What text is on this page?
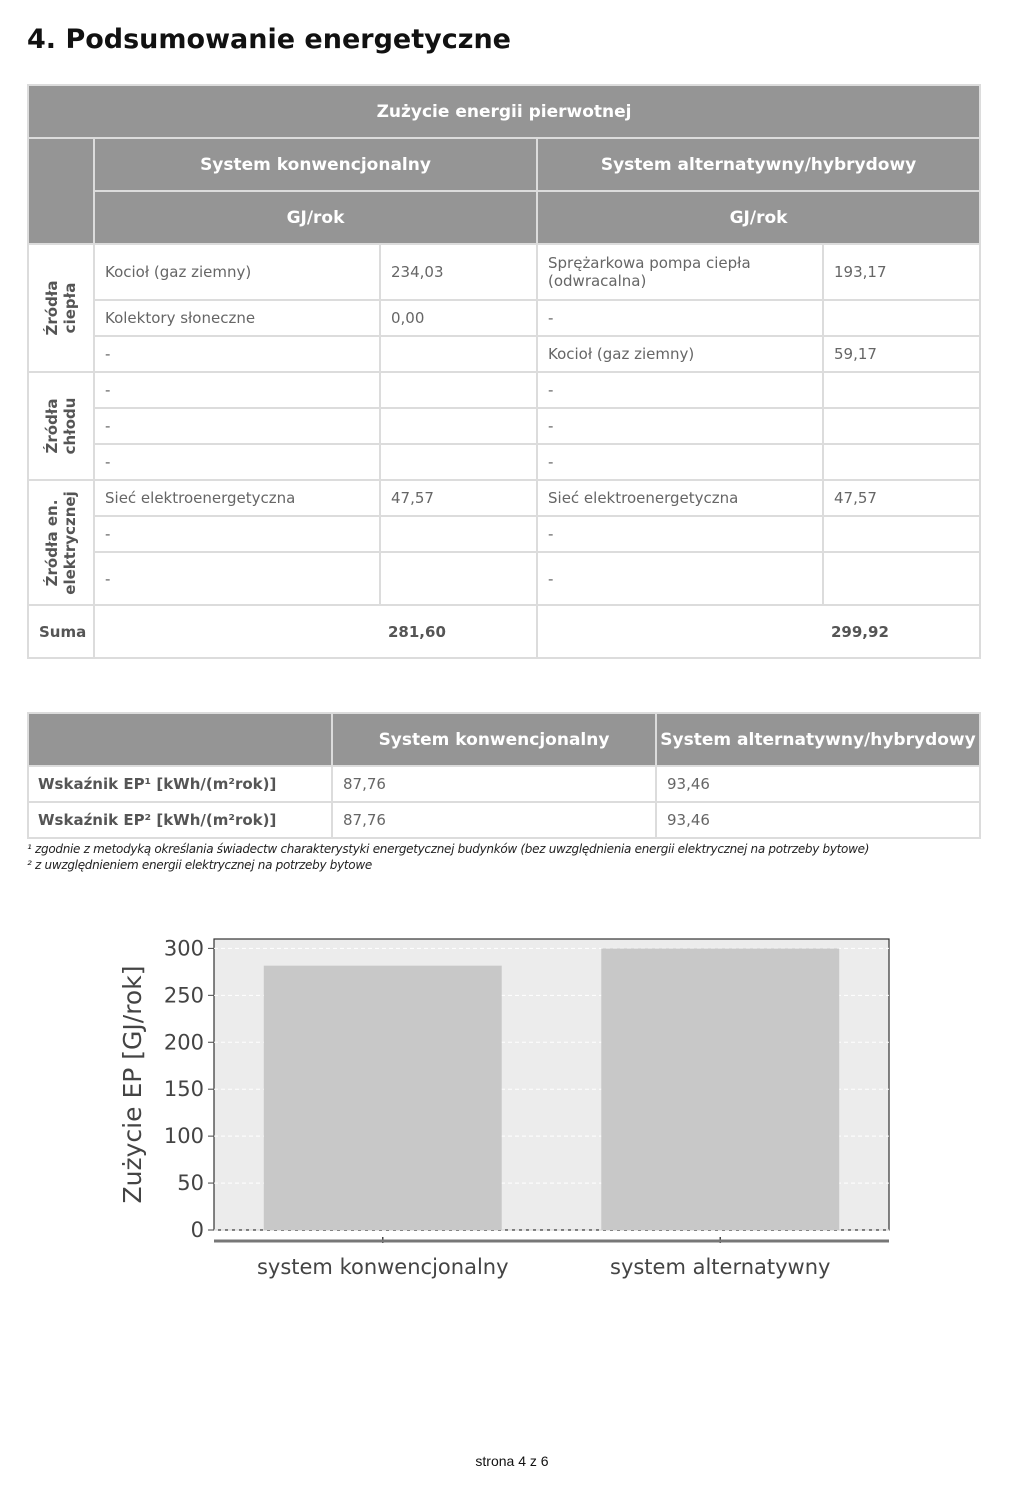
4. Podsumowanie energetyczne
Zużycie energii pierwotnej				
	System konwencjonalny		System alternatywny/hybrydowy	
	GJ/rok		GJ/rok	

Źródła
ciepła	Kocioł (gaz ziemny)	234,03	Sprężarkowa pompa ciepła (odwracalna)	193,17
	Kolektory słoneczne	0,00	-	
	-		Kocioł (gaz ziemny)	59,17

Źródła
chłodu	-		-	
	-		-	
	-		-	

Źródła en.
elektrycznej	Sieć elektroenergetyczna	47,57	Sieć elektroenergetyczna	47,57
	-		-	
	-		-	
Suma		281,60		299,92
	System konwencjonalny	System alternatywny/hybrydowy
Wskaźnik EP¹ [kWh/(m²rok)]	87,76	93,46
Wskaźnik EP² [kWh/(m²rok)]	87,76	93,46
¹ zgodnie z metodyką określania świadectw charakterystyki energetycznej budynków (bez uwzględnienia energii elektrycznej na potrzeby bytowe)
² z uwzględnieniem energii elektrycznej na potrzeby bytowe
0
50
100
150
200
250
300
system konwencjonalny	system alternatywny
Zużycie EP [GJ/rok]
strona 4 z 6
